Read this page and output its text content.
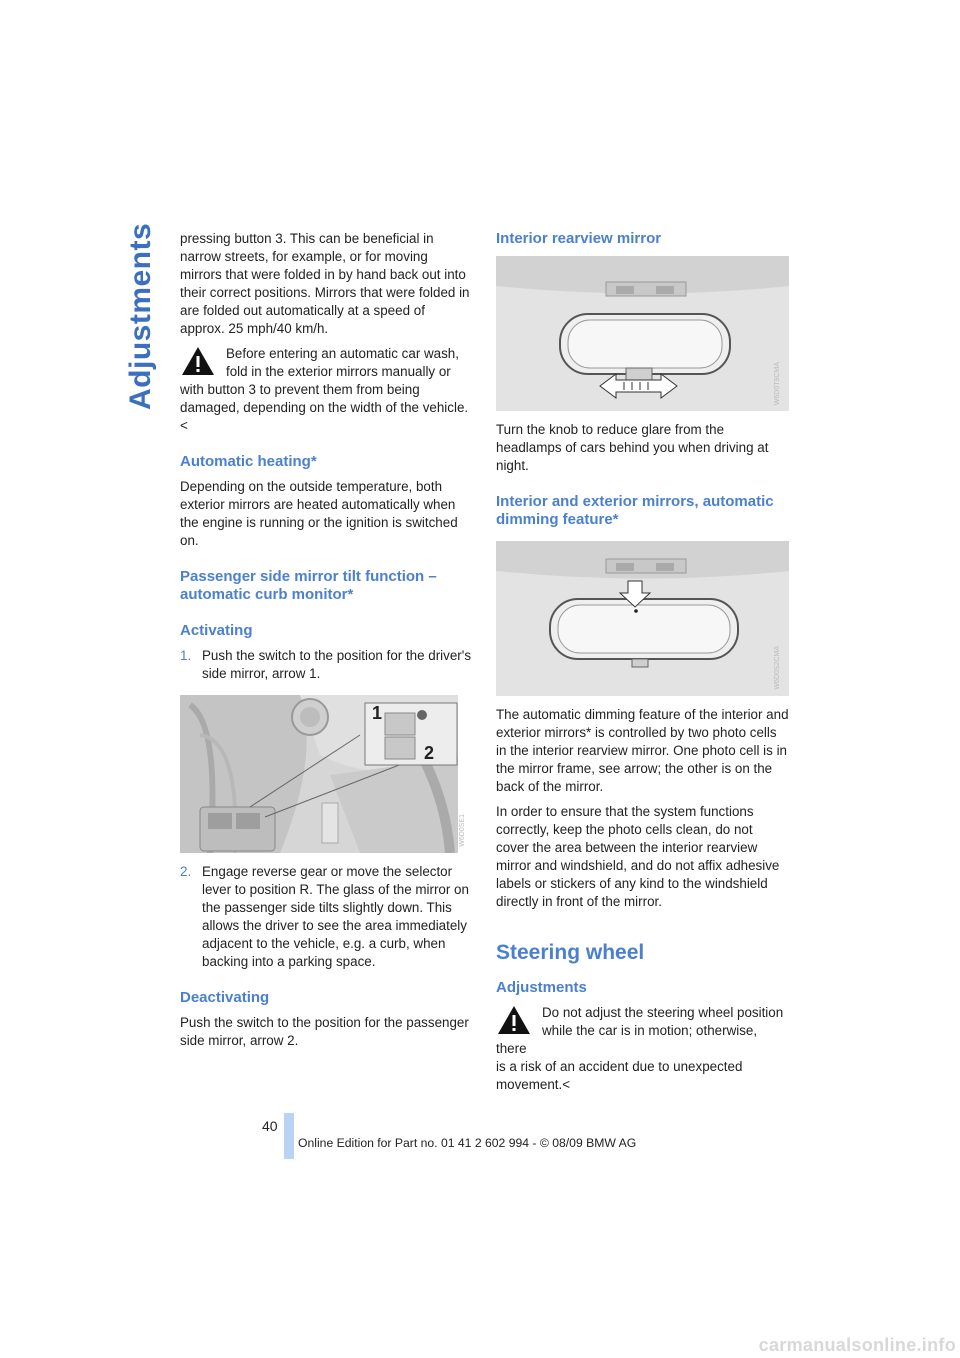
Adjustments pressing button 3. This can be beneficial in narrow streets, for example, or for moving mirrors that were folded in by hand back out into their correct positions. Mirrors that were folded in are folded out automatically at a speed of approx. 25 mph/40 km/h.

Before entering an automatic car wash, fold in the exterior mirrors manually or

with button 3 to prevent them from being damaged, depending on the width of the vehicle.<

Automatic heating*

Depending on the outside temperature, both exterior mirrors are heated automatically when the engine is running or the ignition is switched on.

Passenger side mirror tilt function – automatic curb monitor*
Activating
1. Push the switch to the position for the driver's side mirror, arrow 1.
1
2
W6D0SE1
2. Engage reverse gear or move the selector lever to position R. The glass of the mirror on the passenger side tilts slightly down. This allows the driver to see the area immediately adjacent to the vehicle, e.g. a curb, when backing into a parking space.
Deactivating

Push the switch to the position for the passenger side mirror, arrow 2.

Interior rearview mirror
W6D0T9CMA

Turn the knob to reduce glare from the headlamps of cars behind you when driving at night.

Interior and exterior mirrors, automatic dimming feature*
W6D0S2CMA

The automatic dimming feature of the interior and exterior mirrors* is controlled by two photo cells in the interior rearview mirror. One photo cell is in the mirror frame, see arrow; the other is on the back of the mirror.

In order to ensure that the system functions correctly, keep the photo cells clean, do not cover the area between the interior rearview mirror and windshield, and do not affix adhesive labels or stickers of any kind to the windshield directly in front of the mirror.

Steering wheel
Adjustments

Do not adjust the steering wheel position while the car is in motion; otherwise, there

is a risk of an accident due to unexpected movement.<

40
Online Edition for Part no. 01 41 2 602 994 - © 08/09 BMW AG
carmanualsonline.info
